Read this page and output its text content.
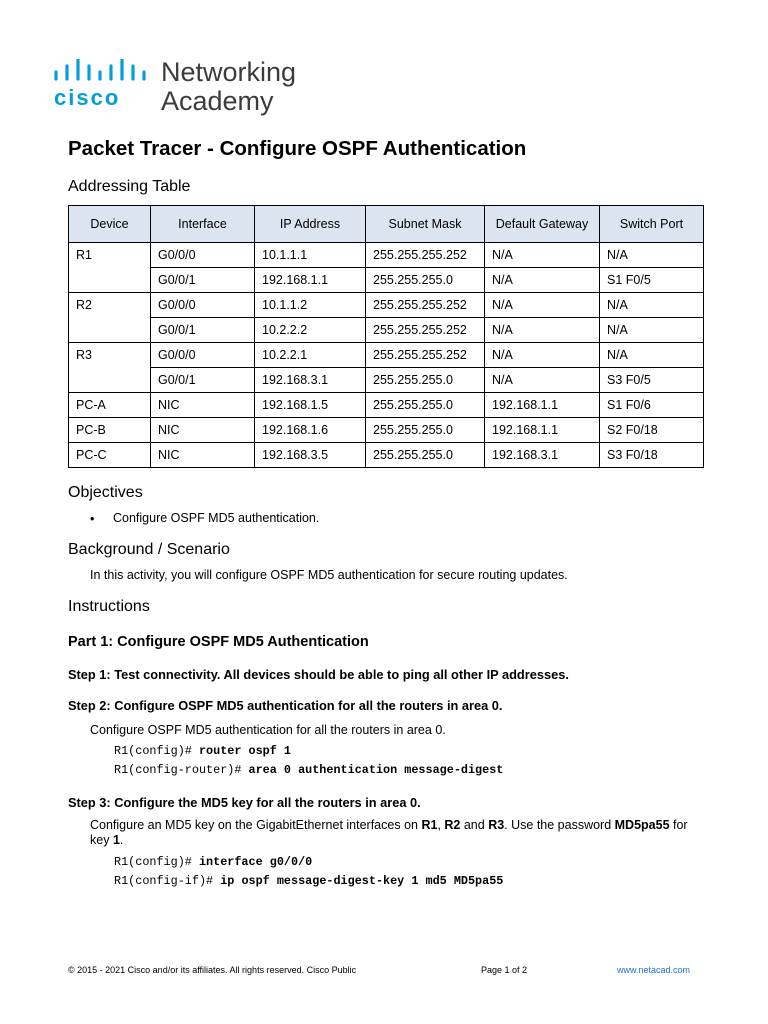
cisco
Networking
Academy
Packet Tracer - Configure OSPF Authentication
Addressing Table
Device	Interface	IP Address	Subnet Mask	Default Gateway	Switch Port
R1	G0/0/0	10.1.1.1	255.255.255.252	N/A	N/A
	G0/0/1	192.168.1.1	255.255.255.0	N/A	S1 F0/5
R2	G0/0/0	10.1.1.2	255.255.255.252	N/A	N/A
	G0/0/1	10.2.2.2	255.255.255.252	N/A	N/A
R3	G0/0/0	10.2.2.1	255.255.255.252	N/A	N/A
	G0/0/1	192.168.3.1	255.255.255.0	N/A	S3 F0/5
PC-A	NIC	192.168.1.5	255.255.255.0	192.168.1.1	S1 F0/6
PC-B	NIC	192.168.1.6	255.255.255.0	192.168.1.1	S2 F0/18
PC-C	NIC	192.168.3.5	255.255.255.0	192.168.3.1	S3 F0/18
Objectives
• Configure OSPF MD5 authentication.
Background / Scenario
In this activity, you will configure OSPF MD5 authentication for secure routing updates.
Instructions
Part 1: Configure OSPF MD5 Authentication
Step 1: Test connectivity. All devices should be able to ping all other IP addresses.
Step 2: Configure OSPF MD5 authentication for all the routers in area 0.
Configure OSPF MD5 authentication for all the routers in area 0.
R1(config)# router ospf 1
R1(config-router)# area 0 authentication message-digest
Step 3: Configure the MD5 key for all the routers in area 0.
Configure an MD5 key on the GigabitEthernet interfaces on R1, R2 and R3. Use the password MD5pa55 for
key 1.
R1(config)# interface g0/0/0
R1(config-if)# ip ospf message-digest-key 1 md5 MD5pa55
© 2015 - 2021 Cisco and/or its affiliates. All rights reserved. Cisco Public	Page 1 of 2	www.netacad.com
